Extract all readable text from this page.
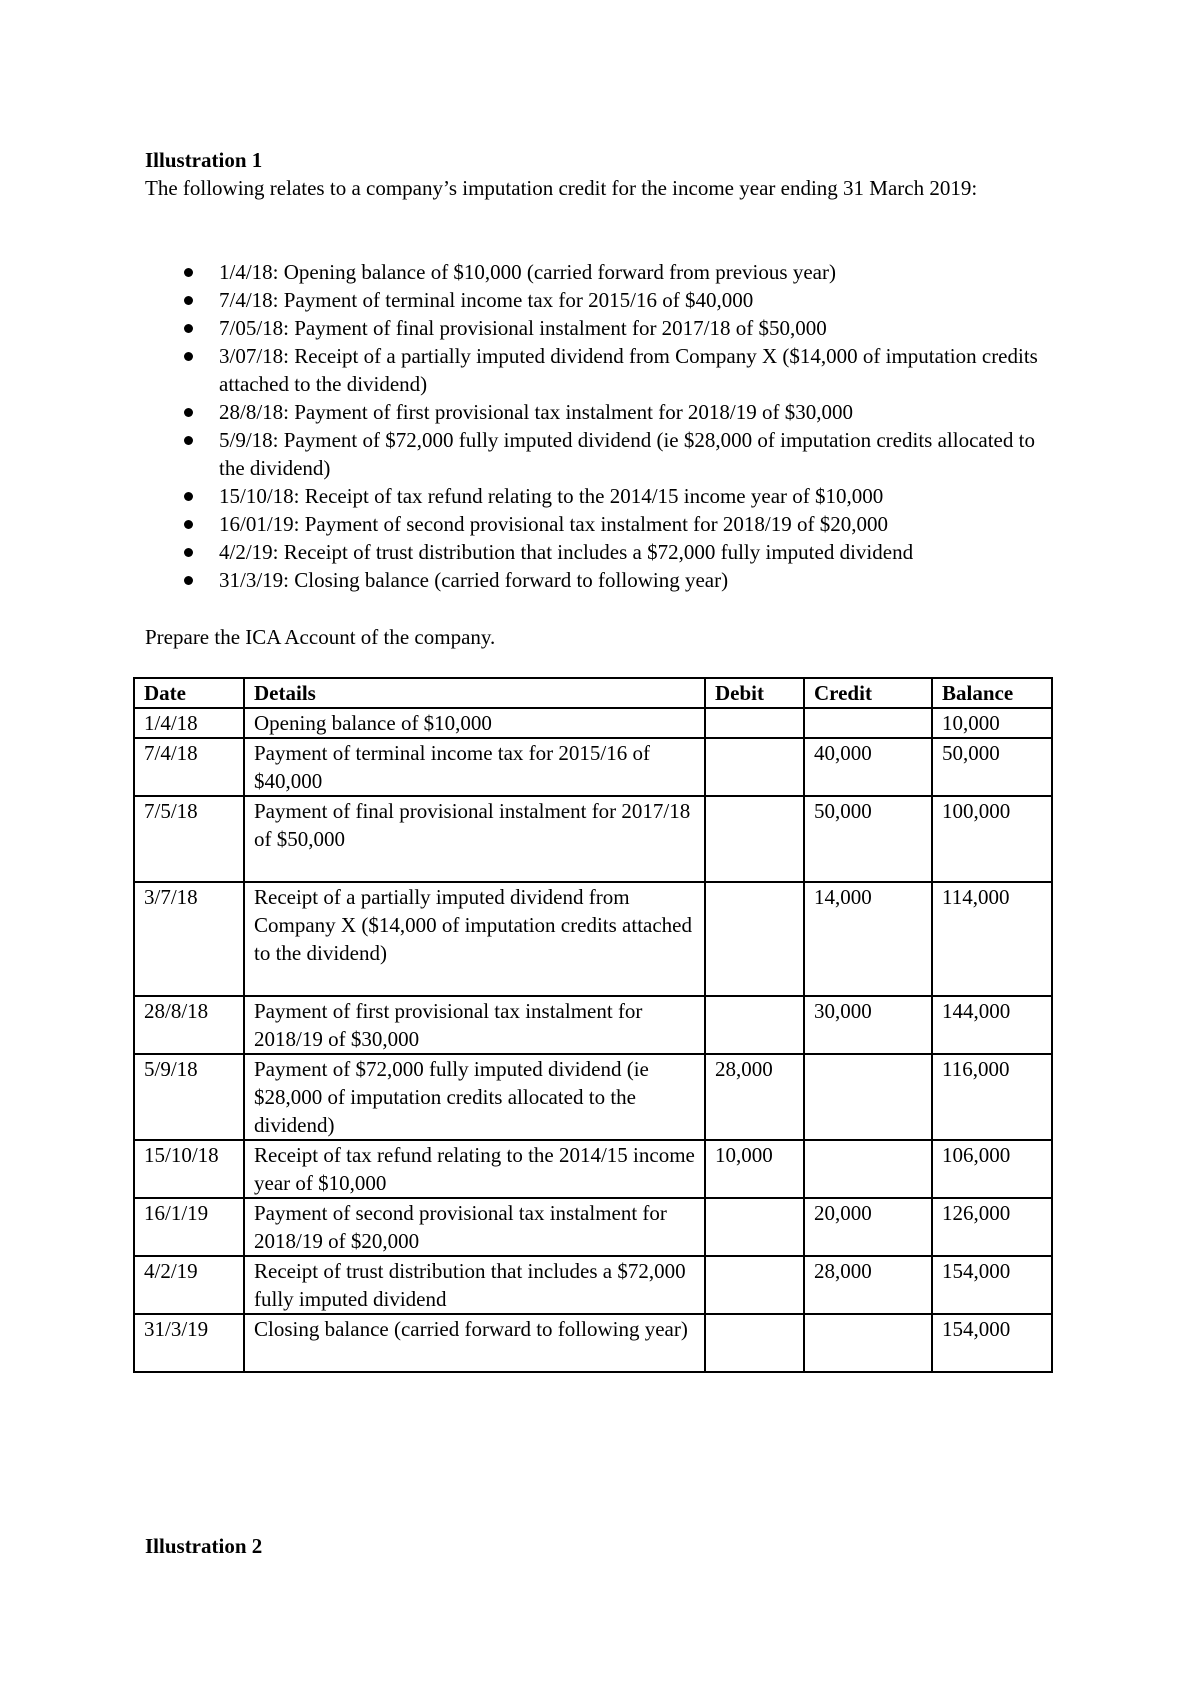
Illustration 1

The following relates to a company’s imputation credit for the income year ending 31 March 2019:

1/4/18: Opening balance of $10,000 (carried forward from previous year)
7/4/18: Payment of terminal income tax for 2015/16 of $40,000
7/05/18: Payment of final provisional instalment for 2017/18 of $50,000
3/07/18: Receipt of a partially imputed dividend from Company X ($14,000 of imputation credits attached to the dividend)
28/8/18: Payment of first provisional tax instalment for 2018/19 of $30,000
5/9/18: Payment of $72,000 fully imputed dividend (ie $28,000 of imputation credits allocated to the dividend)
15/10/18: Receipt of tax refund relating to the 2014/15 income year of $10,000
16/01/19: Payment of second provisional tax instalment for 2018/19 of $20,000
4/2/19: Receipt of trust distribution that includes a $72,000 fully imputed dividend
31/3/19: Closing balance (carried forward to following year)

Prepare the ICA Account of the company.

Date	Details	Debit	Credit	Balance
1/4/18	Opening balance of $10,000			10,000
7/4/18	Payment of terminal income tax for 2015/16 of $40,000		40,000	50,000
7/5/18	Payment of final provisional instalment for 2017/18 of $50,000		50,000	100,000
3/7/18	Receipt of a partially imputed dividend from Company X ($14,000 of imputation credits attached to the dividend)		14,000	114,000
28/8/18	Payment of first provisional tax instalment for 2018/19 of $30,000		30,000	144,000
5/9/18	Payment of $72,000 fully imputed dividend (ie $28,000 of imputation credits allocated to the dividend)	28,000		116,000
15/10/18	Receipt of tax refund relating to the 2014/15 income year of $10,000	10,000		106,000
16/1/19	Payment of second provisional tax instalment for 2018/19 of $20,000		20,000	126,000
4/2/19	Receipt of trust distribution that includes a $72,000 fully imputed dividend		28,000	154,000
31/3/19	Closing balance (carried forward to following year)			154,000

Illustration 2
